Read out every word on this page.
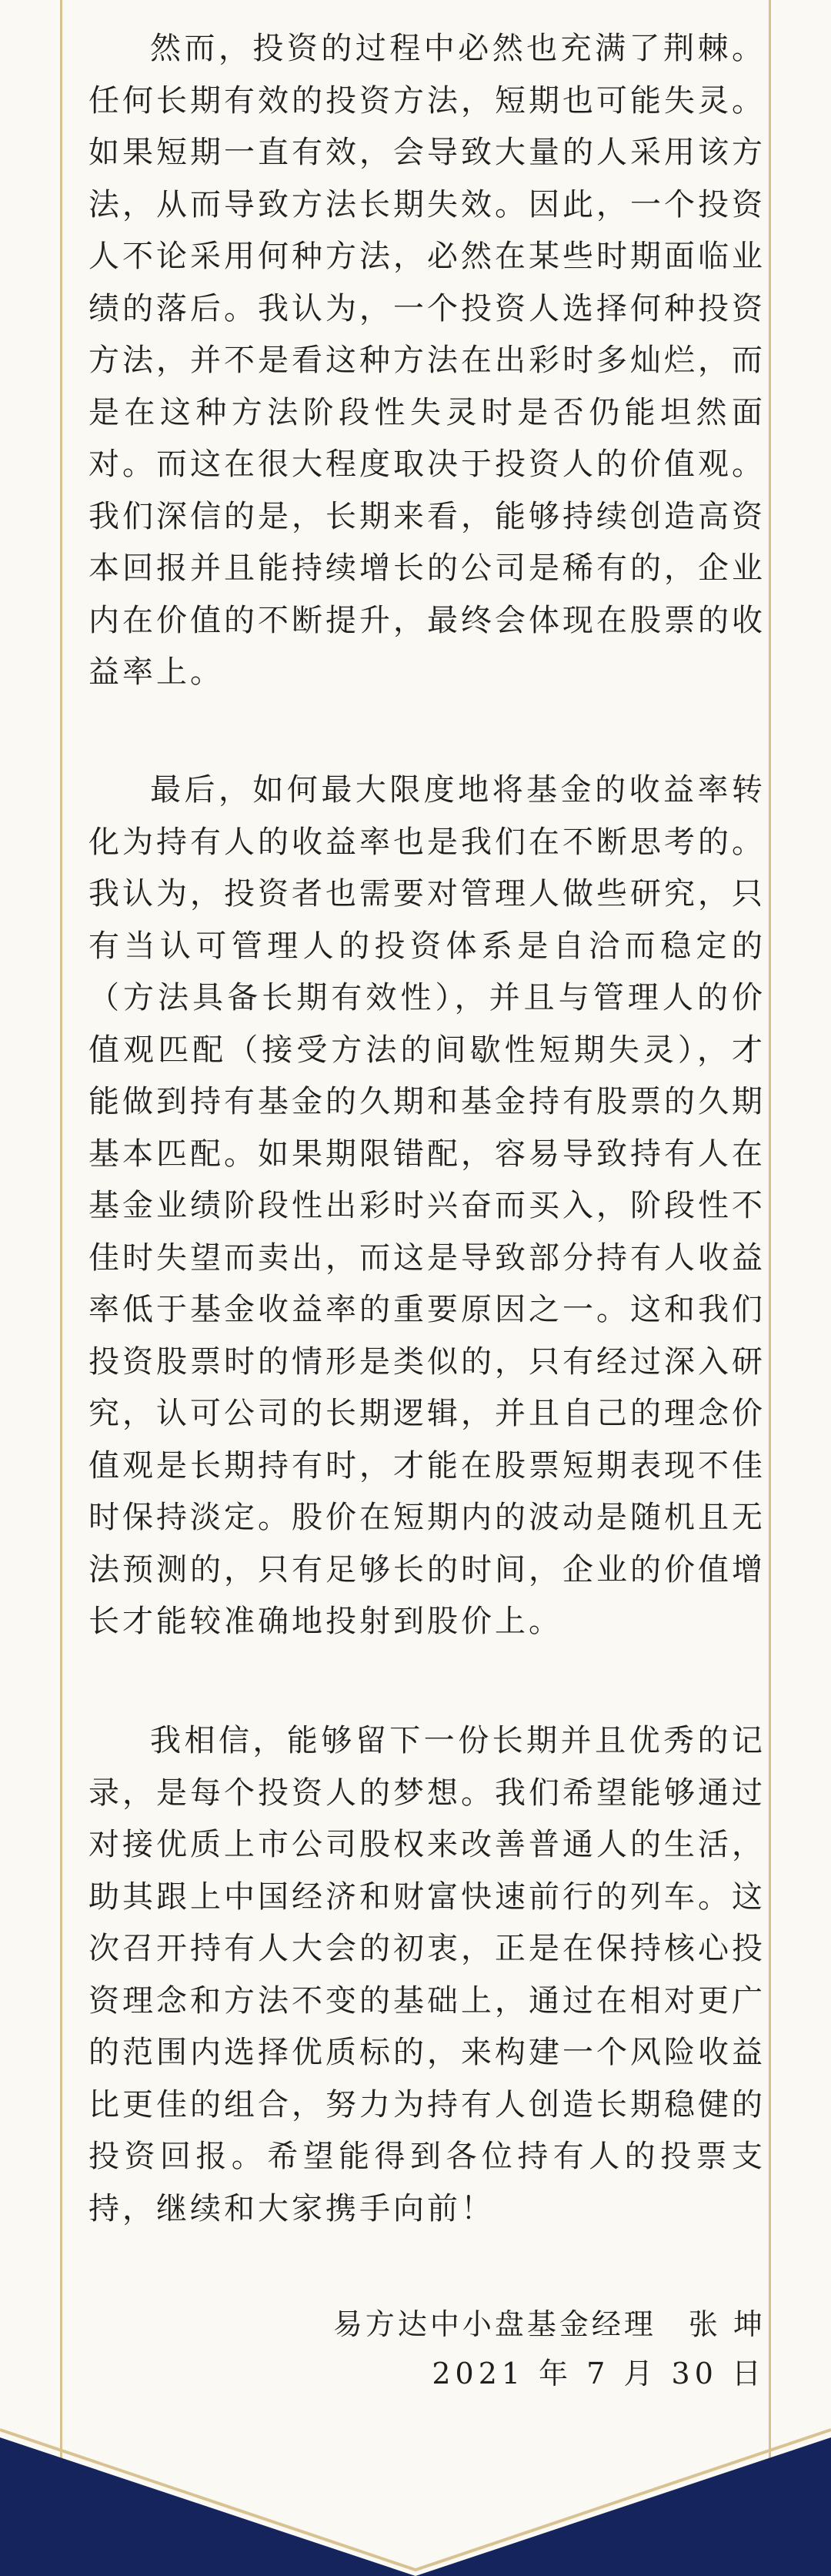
然而，投资的过程中必然也充满了荆棘。任何长期有效的投资方法，短期也可能失灵。如果短期一直有效，会导致大量的人采用该方法，从而导致方法长期失效。因此，一个投资人不论采用何种方法，必然在某些时期面临业绩的落后。我认为，一个投资人选择何种投资方法，并不是看这种方法在出彩时多灿烂，而是在这种方法阶段性失灵时是否仍能坦然面对。而这在很大程度取决于投资人的价值观。我们深信的是，长期来看，能够持续创造高资本回报并且能持续增长的公司是稀有的，企业内在价值的不断提升，最终会体现在股票的收益率上。

最后，如何最大限度地将基金的收益率转化为持有人的收益率也是我们在不断思考的。我认为，投资者也需要对管理人做些研究，只有当认可管理人的投资体系是自洽而稳定的（方法具备长期有效性），并且与管理人的价值观匹配（接受方法的间歇性短期失灵），才能做到持有基金的久期和基金持有股票的久期基本匹配。如果期限错配，容易导致持有人在基金业绩阶段性出彩时兴奋而买入，阶段性不佳时失望而卖出，而这是导致部分持有人收益率低于基金收益率的重要原因之一。这和我们投资股票时的情形是类似的，只有经过深入研究，认可公司的长期逻辑，并且自己的理念价值观是长期持有时，才能在股票短期表现不佳时保持淡定。股价在短期内的波动是随机且无法预测的，只有足够长的时间，企业的价值增长才能较准确地投射到股价上。

我相信，能够留下一份长期并且优秀的记录，是每个投资人的梦想。我们希望能够通过对接优质上市公司股权来改善普通人的生活，助其跟上中国经济和财富快速前行的列车。这次召开持有人大会的初衷，正是在保持核心投资理念和方法不变的基础上，通过在相对更广的范围内选择优质标的，来构建一个风险收益比更佳的组合，努力为持有人创造长期稳健的投资回报。希望能得到各位持有人的投票支持，继续和大家携手向前！

易方达中小盘基金经理　张 坤
2021 年 7 月 30 日
